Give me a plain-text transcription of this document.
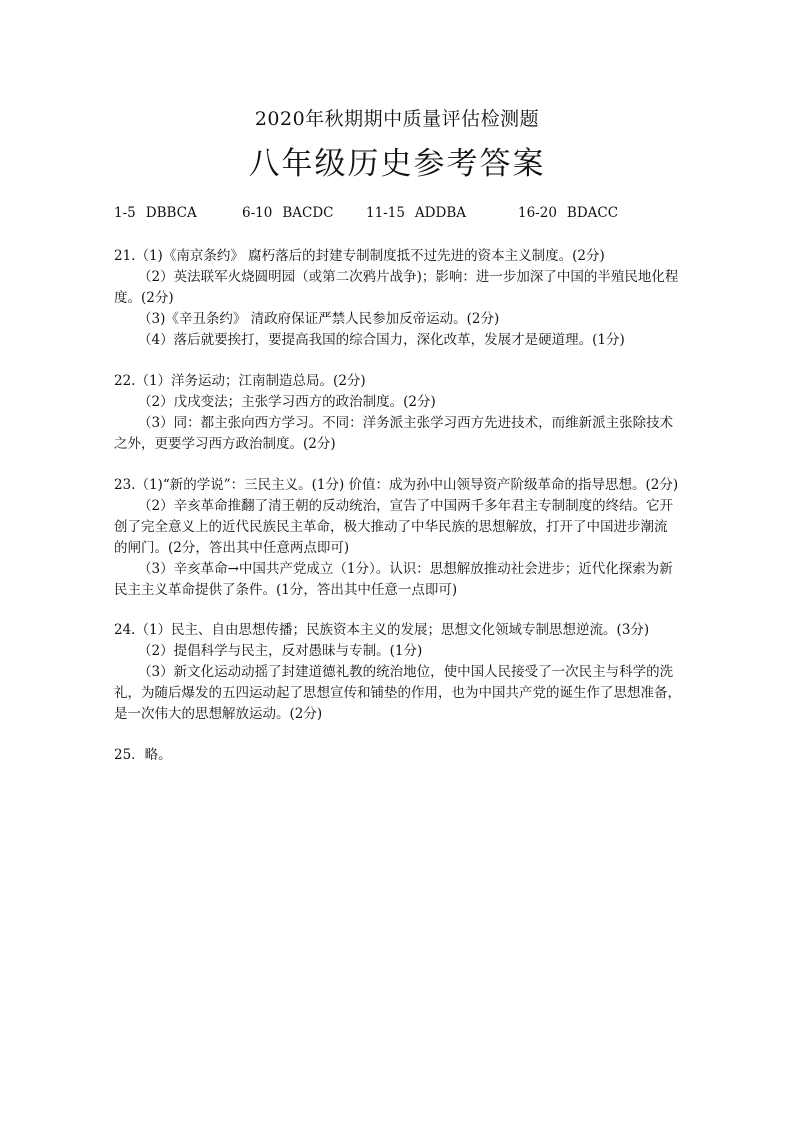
2020年秋期期中质量评估检测题
八年级历史参考答案
1-5 DBBCA	6-10 BACDC 11-15 ADDBA	16-20 BDACC
21.（1)《南京条约》 腐朽落后的封建专制制度抵不过先进的资本主义制度。(2分)
（2）英法联军火烧圆明园（或第二次鸦片战争)；影响：进一步加深了中国的半殖民地化程
度。(2分)
（3)《辛丑条约》 清政府保证严禁人民参加反帝运动。(2分)
（4）落后就要挨打，要提高我国的综合国力，深化改革，发展才是硬道理。(1分)
22.（1）洋务运动；江南制造总局。(2分)
（2）戊戌变法；主张学习西方的政治制度。(2分)
（3）同：都主张向西方学习。不同：洋务派主张学习西方先进技术，而维新派主张除技术
之外，更要学习西方政治制度。(2分)
23.（1)“新的学说”：三民主义。(1分) 价值：成为孙中山领导资产阶级革命的指导思想。(2分)
（2）辛亥革命推翻了清王朝的反动统治，宣告了中国两千多年君主专制制度的终结。它开
创了完全意义上的近代民族民主革命，极大推动了中华民族的思想解放，打开了中国进步潮流
的闸门。(2分，答出其中任意两点即可)
（3）辛亥革命→中国共产党成立（1分）。认识：思想解放推动社会进步；近代化探索为新
民主主义革命提供了条件。(1分，答出其中任意一点即可)
24.（1）民主、自由思想传播；民族资本主义的发展；思想文化领域专制思想逆流。(3分)
（2）提倡科学与民主，反对愚昧与专制。(1分)
（3）新文化运动动摇了封建道德礼教的统治地位，使中国人民接受了一次民主与科学的洗
礼，为随后爆发的五四运动起了思想宣传和铺垫的作用，也为中国共产党的诞生作了思想准备，
是一次伟大的思想解放运动。(2分)
25．略。
